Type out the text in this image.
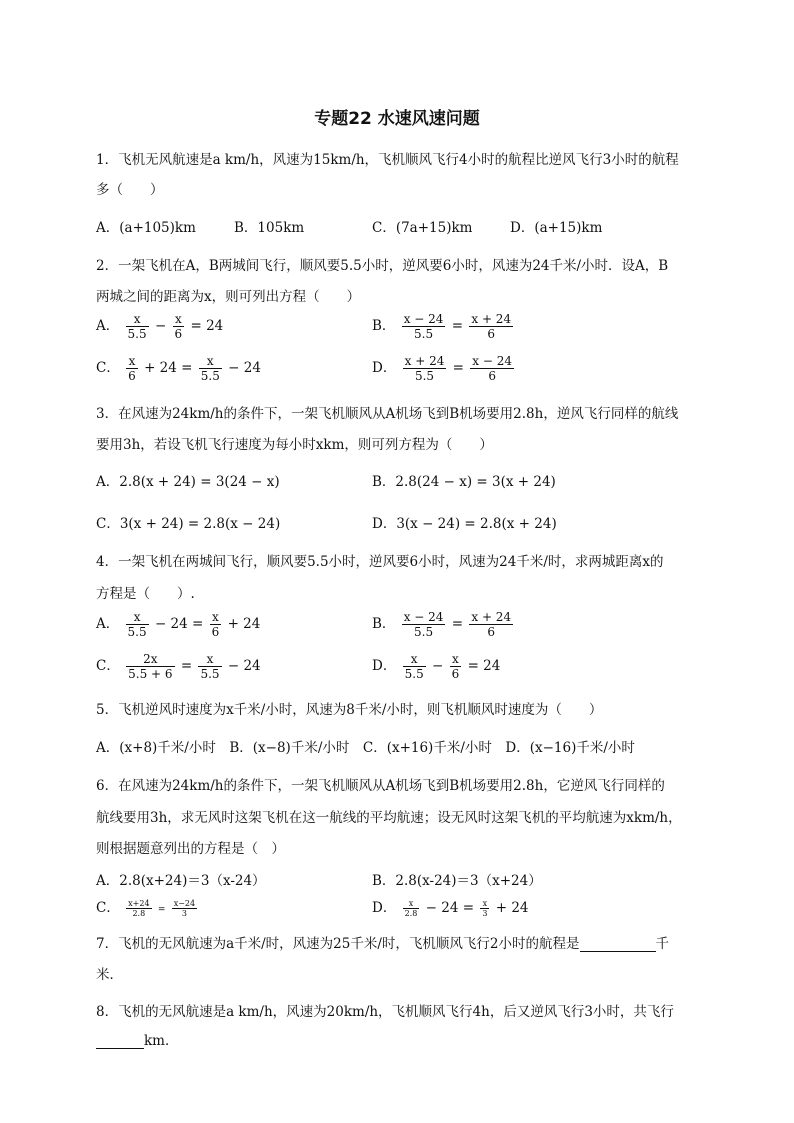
专题22 水速风速问题
1．飞机无风航速是a km/h，风速为15km/h，飞机顺风飞行4小时的航程比逆风飞行3小时的航程
多（　　）
A．(a+105)km	B．105km	C．(7a+15)km	D．(a+15)km
2．一架飞机在A，B两城间飞行，顺风要5.5小时，逆风要6小时，风速为24千米/小时．设A，B
两城之间的距离为x，则可列出方程（　　）
A． $\frac{x}{5.5} - \frac{x}{6} = 24$	B． $\frac{x - 24}{5.5} = \frac{x + 24}{6}$
C． $\frac{x}{6} + 24 = \frac{x}{5.5} - 24$	D． $\frac{x + 24}{5.5} = \frac{x - 24}{6}$
3．在风速为24km/h的条件下，一架飞机顺风从A机场飞到B机场要用2.8h，逆风飞行同样的航线
要用3h，若设飞机飞行速度为每小时xkm，则可列方程为（　　）
A．2.8(x + 24) = 3(24 − x)	B．2.8(24 − x) = 3(x + 24)
C．3(x + 24) = 2.8(x − 24)	D．3(x − 24) = 2.8(x + 24)
4．一架飞机在两城间飞行，顺风要5.5小时，逆风要6小时，风速为24千米/时，求两城距离x的
方程是（　　）.
A． $\frac{x}{5.5} - 24 = \frac{x}{6} + 24$	B． $\frac{x - 24}{5.5} = \frac{x + 24}{6}$
C． $\frac{2x}{5.5 + 6} = \frac{x}{5.5} - 24$	D． $\frac{x}{5.5} - \frac{x}{6} = 24$
5．飞机逆风时速度为x千米/小时，风速为8千米/小时，则飞机顺风时速度为（　　）
A．(x+8)千米/小时　B．(x−8)千米/小时　C．(x+16)千米/小时　D．(x−16)千米/小时
6．在风速为24km/h的条件下，一架飞机顺风从A机场飞到B机场要用2.8h，它逆风飞行同样的
航线要用3h，求无风时这架飞机在这一航线的平均航速；设无风时这架飞机的平均航速为xkm/h，
则根据题意列出的方程是（　）
A．2.8(x+24)＝3（x-24）	B．2.8(x-24)＝3（x+24）
C． $\frac{x+24}{2.8} = \frac{x-24}{3}$	D． $\frac{x}{2.8} - 24 = \frac{x}{3} + 24$
7．飞机的无风航速为a千米/时，风速为25千米/时，飞机顺风飞行2小时的航程是	千
米．
8．飞机的无风航速是a km/h，风速为20km/h，飞机顺风飞行4h，后又逆风飞行3小时，共飞行
km．
